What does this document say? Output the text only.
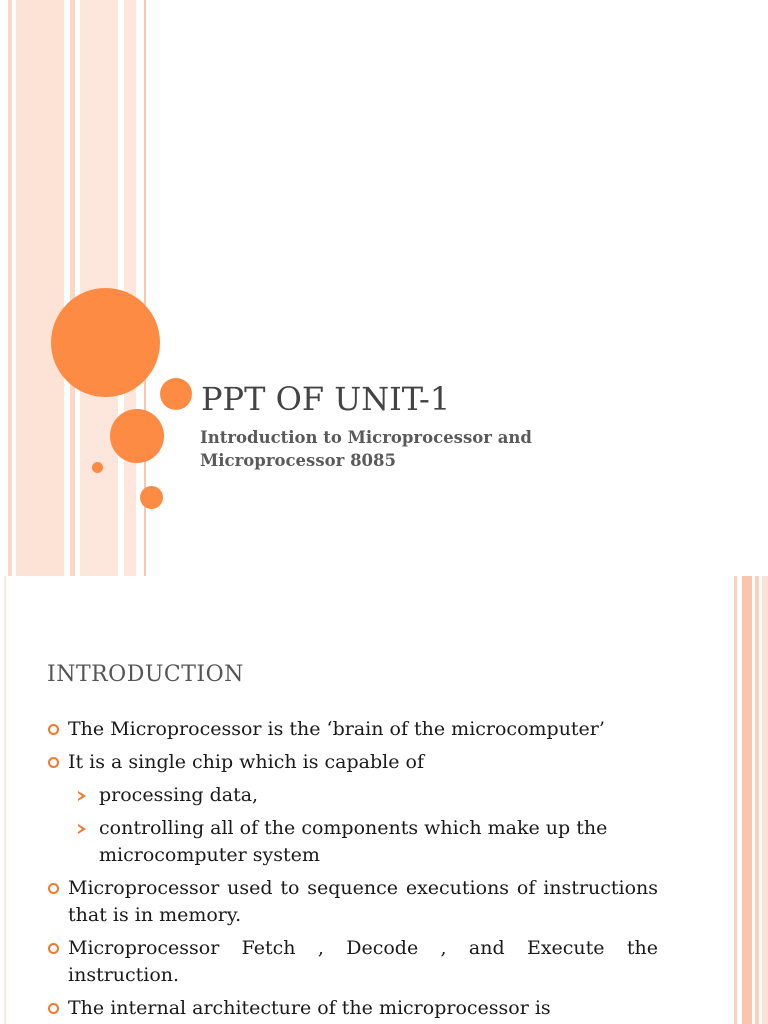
PPT OF UNIT-1
Introduction to Microprocessor and
Microprocessor 8085
INTRODUCTION
The Microprocessor is the ‘brain of the microcomputer’
It is a single chip which is capable of
processing data,
controlling all of the components which make up the microcomputer system
Microprocessor used to sequence executions of instructions that is in memory.
Microprocessor Fetch , Decode , and Execute the instruction.
The internal architecture of the microprocessor is
